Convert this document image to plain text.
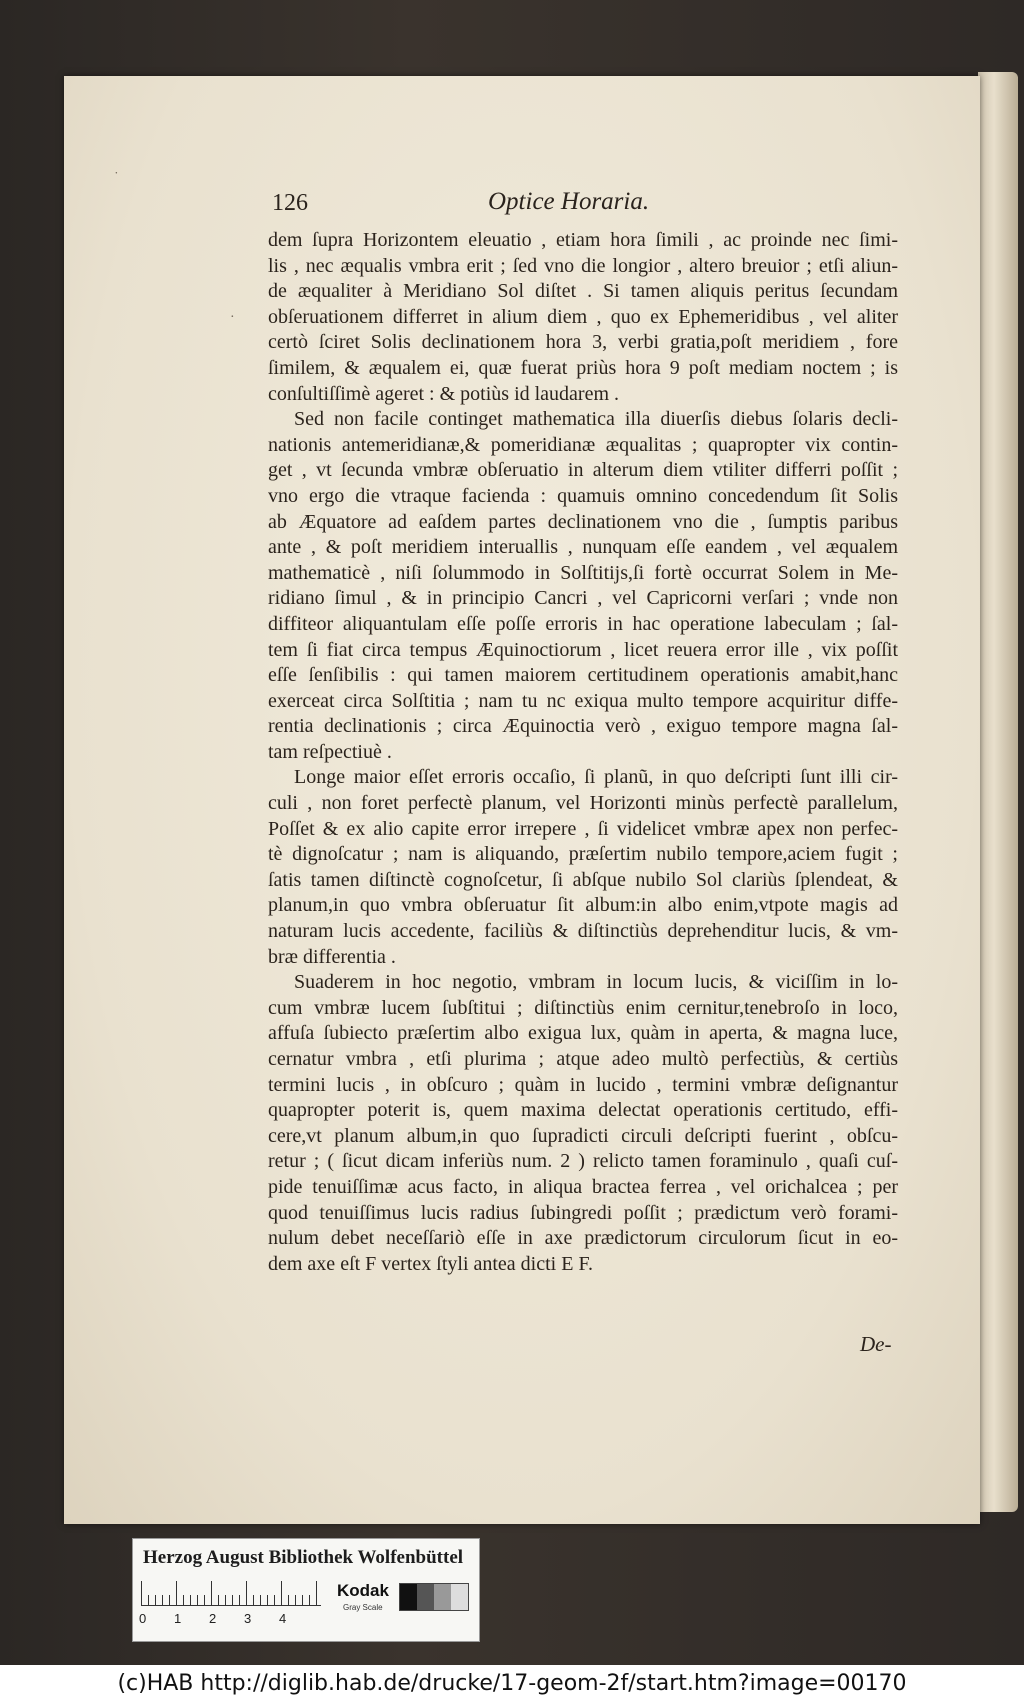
˙
·
126	Optice Horaria.
dem ſupra Horizontem eleuatio , etiam hora ſimili , ac proinde nec ſimi-
lis , nec æqualis vmbra erit ; ſed vno die longior , altero breuior ; etſi aliun-
de æqualiter à Meridiano Sol diſtet . Si tamen aliquis peritus ſecundam
obſeruationem differret in alium diem , quo ex Ephemeridibus , vel aliter
certò ſciret Solis declinationem hora 3, verbi gratia,poſt meridiem , fore
ſimilem, & æqualem ei, quæ fuerat priùs hora 9 poſt mediam noctem ; is
conſultiſſimè ageret : & potiùs id laudarem .
Sed non facile continget mathematica illa diuerſis diebus ſolaris decli-
nationis antemeridianæ,& pomeridianæ æqualitas ; quapropter vix contin-
get , vt ſecunda vmbræ obſeruatio in alterum diem vtiliter differri poſſit ;
vno ergo die vtraque facienda : quamuis omnino concedendum ſit Solis
ab Æquatore ad eaſdem partes declinationem vno die , ſumptis paribus
ante , & poſt meridiem interuallis , nunquam eſſe eandem , vel æqualem
mathematicè , niſi ſolummodo in Solſtitijs,ſi fortè occurrat Solem in Me-
ridiano ſimul , & in principio Cancri , vel Capricorni verſari ; vnde non
diffiteor aliquantulam eſſe poſſe erroris in hac operatione labeculam ; ſal-
tem ſi fiat circa tempus Æquinoctiorum , licet reuera error ille , vix poſſit
eſſe ſenſibilis : qui tamen maiorem certitudinem operationis amabit,hanc
exerceat circa Solſtitia ; nam tu nc exiqua multo tempore acquiritur diffe-
rentia declinationis ; circa Æquinoctia verò , exiguo tempore magna ſal-
tam reſpectiuè .
Longe maior eſſet erroris occaſio, ſi planũ, in quo deſcripti ſunt illi cir-
culi , non foret perfectè planum, vel Horizonti minùs perfectè parallelum,
Poſſet & ex alio capite error irrepere , ſi videlicet vmbræ apex non perfec-
tè dignoſcatur ; nam is aliquando, præſertim nubilo tempore,aciem fugit ;
ſatis tamen diſtinctè cognoſcetur, ſi abſque nubilo Sol clariùs ſplendeat, &
planum,in quo vmbra obſeruatur ſit album:in albo enim,vtpote magis ad
naturam lucis accedente, faciliùs & diſtinctiùs deprehenditur lucis, & vm-
bræ differentia .
Suaderem in hoc negotio, vmbram in locum lucis, & viciſſim in lo-
cum vmbræ lucem ſubſtitui ; diſtinctiùs enim cernitur,tenebroſo in loco,
affuſa ſubiecto præſertim albo exigua lux, quàm in aperta, & magna luce,
cernatur vmbra , etſi plurima ; atque adeo multò perfectiùs, & certiùs
termini lucis , in obſcuro ; quàm in lucido , termini vmbræ deſignantur
quapropter poterit is, quem maxima delectat operationis certitudo, effi-
cere,vt planum album,in quo ſupradicti circuli deſcripti fuerint , obſcu-
retur ; ( ſicut dicam inferiùs num. 2 ) relicto tamen foraminulo , quaſi cuſ-
pide tenuiſſimæ acus facto, in aliqua bractea ferrea , vel orichalcea ; per
quod tenuiſſimus lucis radius ſubingredi poſſit ; prædictum verò forami-
nulum debet neceſſariò eſſe in axe prædictorum circulorum ſicut in eo-
dem axe eſt F vertex ſtyli antea dicti E F.
De-
Herzog August Bibliothek Wolfenbüttel
0 1 2 3 4
Kodak
Gray Scale
(c)HAB http://diglib.hab.de/drucke/17-geom-2f/start.htm?image=00170
